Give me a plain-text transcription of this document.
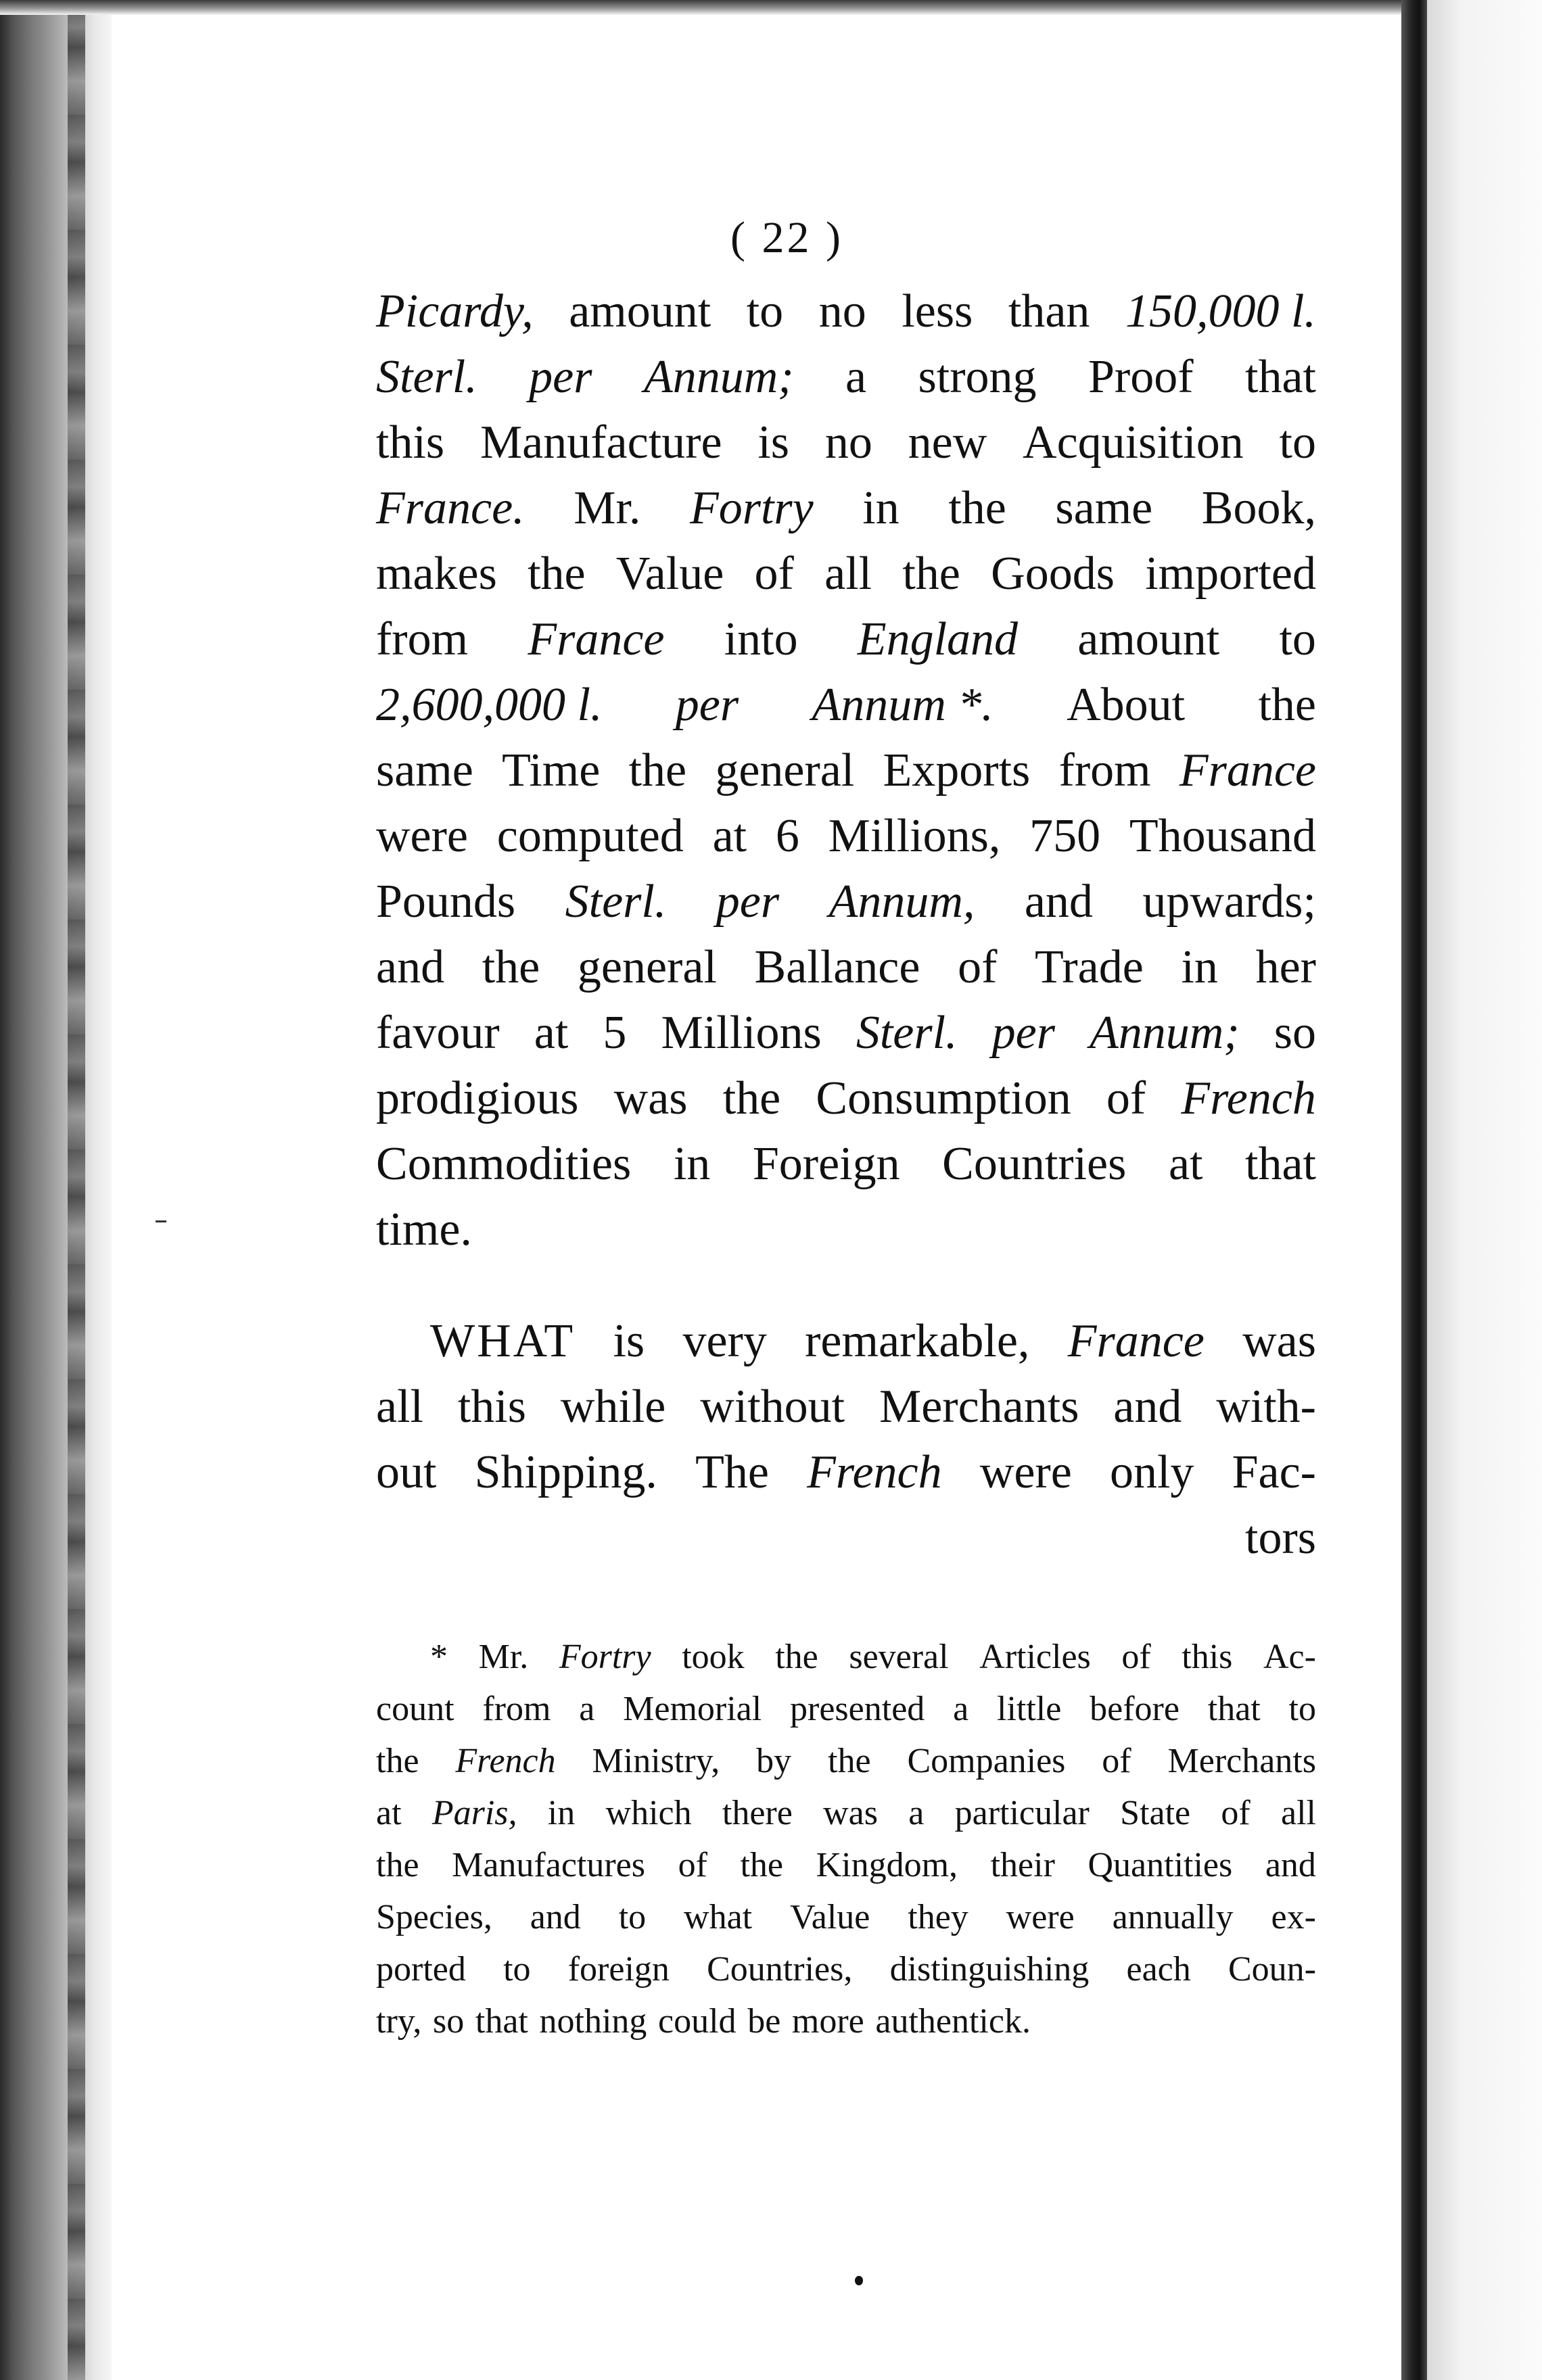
( 22 )
Picardy, amount to no less than 150,000 l.
Sterl. per Annum; a strong Proof that
this Manufacture is no new Acquisition to
France. Mr. Fortry in the same Book,
makes the Value of all the Goods imported
from France into England amount to
2,600,000 l. per Annum *. About the
same Time the general Exports from France
were computed at 6 Millions, 750 Thousand
Pounds Sterl. per Annum, and upwards;
and the general Ballance of Trade in her
favour at 5 Millions Sterl. per Annum; so
prodigious was the Consumption of French
Commodities in Foreign Countries at that
time.
WHAT is very remarkable, France was
all this while without Merchants and with-
out Shipping. The French were only Fac-
tors
* Mr. Fortry took the several Articles of this Ac-
count from a Memorial presented a little before that to
the French Ministry, by the Companies of Merchants
at Paris, in which there was a particular State of all
the Manufactures of the Kingdom, their Quantities and
Species, and to what Value they were annually ex-
ported to foreign Countries, distinguishing each Coun-
try, so that nothing could be more authentick.
